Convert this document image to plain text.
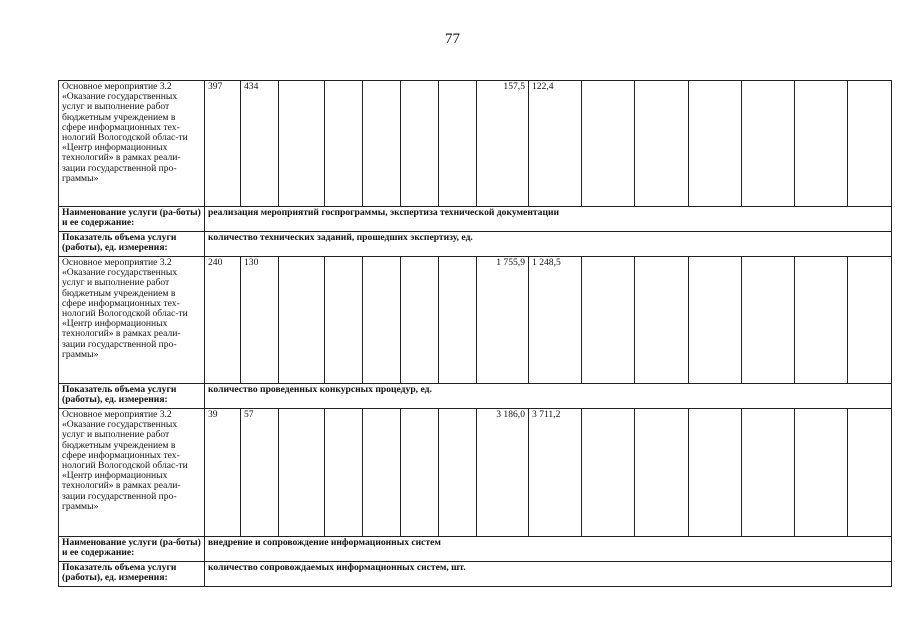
77
Основное мероприятие 3.2 «Оказание государственных услуг и выполнение работ бюджетным учреждением в сфере информационных тех-нологий Вологодской облас-ти «Центр информационных технологий» в рамках реали-зации государственной про-граммы»	397	434						157,5	122,4						
Наименование услуги (ра-боты) и ее содержание:	реализация мероприятий госпрограммы, экспертиза технической документации														
Показатель объема услуги (работы), ед. измерения:	количество технических заданий, прошедших экспертизу, ед.														
Основное мероприятие 3.2 «Оказание государственных услуг и выполнение работ бюджетным учреждением в сфере информационных тех-нологий Вологодской облас-ти «Центр информационных технологий» в рамках реали-зации государственной про-граммы»	240	130						1 755,9	1 248,5						
Показатель объема услуги (работы), ед. измерения:	количество проведенных конкурсных процедур, ед.														
Основное мероприятие 3.2 «Оказание государственных услуг и выполнение работ бюджетным учреждением в сфере информационных тех-нологий Вологодской облас-ти «Центр информационных технологий» в рамках реали-зации государственной про-граммы»	39	57						3 186,0	3 711,2						
Наименование услуги (ра-боты) и ее содержание:	внедрение и сопровождение информационных систем														
Показатель объема услуги (работы), ед. измерения:	количество сопровождаемых информационных систем, шт.														
